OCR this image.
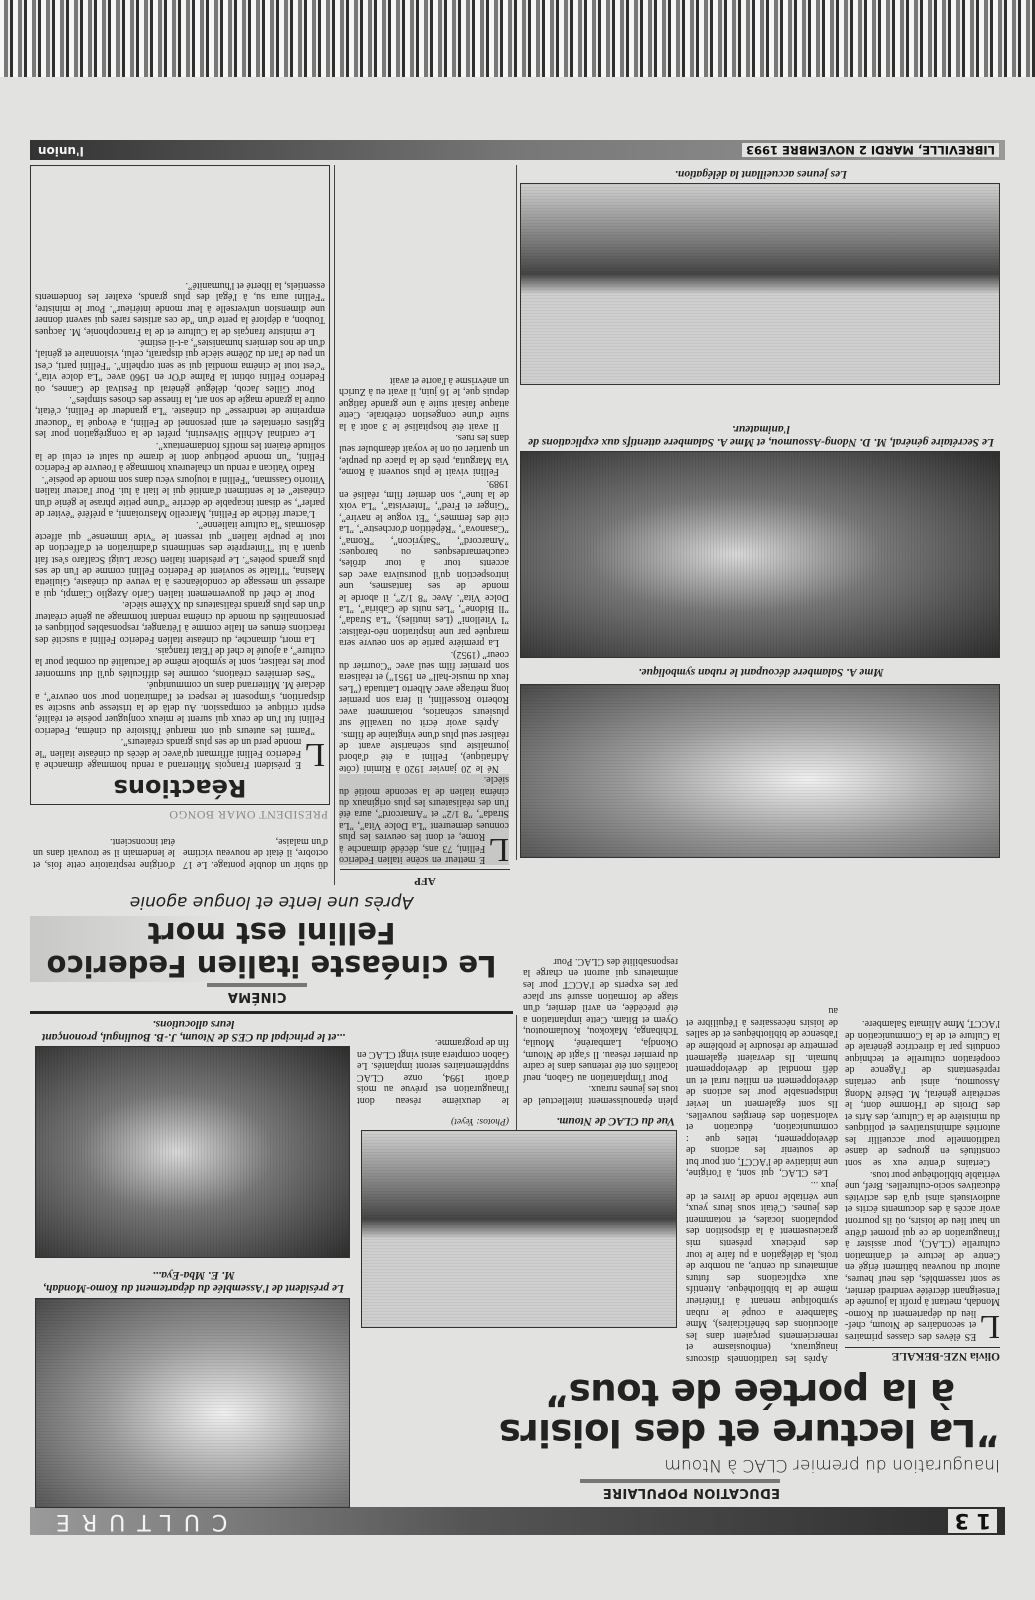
1 3
CULTURE
EDUCATION POPULAIRE
Inauguration du premier CLAC à Ntoum
”La lecture et des loisirs
à la portée de tous”
Olivia NZE-BEKALE

L
ES élèves des classes primaires et secondaires de Ntoum, chef-lieu du département du Komo-Mondah, mettant à profit la journée de l'enseignant décrétée vendredi dernier, se sont rassemblés, dès neuf heures, autour du nouveau bâtiment érigé en Centre de lecture et d'animation culturelle (CLAC), pour assister à l'inauguration de ce qui promet d'être un haut lieu de loisirs, où ils pourront avoir accès à des documents écrits et audiovisuels ainsi qu'à des activités éducatives socio-culturelles. Bref, une véritable bibliothèque pour tous.

Certains d'entre eux se sont constitués en groupes de danse traditionnelle pour accueillir les autorités administratives et politiques du ministère de la Culture, des Arts et des Droits de l'Homme dont, le secrétaire général, M. Désiré Ndong Assoumou, ainsi que certains représentants de l'Agence de coopération culturelle et technique conduits par la directrice générale de la Culture et de la Communication de l'ACCT, Mme Alimata Salambere.

Après les traditionnels discours inauguraux, (enthousiasme et remerciements perçaient dans les allocutions des bénéficiaires), Mme Salambere a coupé le ruban symbolique menant à l'intérieur même de la bibliothèque. Attentifs aux explications des futurs animateurs du centre, au nombre de trois, la délégation a pu faire le tour des précieux présents mis gracieusement à la disposition des populations locales, et notamment des jeunes. C'était sous leurs yeux, une véritable ronde de livres et de jeux ...

Les CLAC, qui sont, à l'origine, une initiative de l'ACCT, ont pour but de soutenir les actions de développement, telles que : communication, éducation et valorisation des énergies nouvelles. Ils sont également un levier indispensable pour les actions de développement en milieu rural et un défi mondial de développement humain. Ils devraient également permettre de résoudre le problème de l'absence de bibliothèques et de salles de loisirs nécessaires à l'équilibre et au

Vue du CLAC de Ntoum.
(Photos: Yeyet)

plein épanouissement intellectuel de tous les jeunes ruraux.

Pour l'implantation au Gabon, neuf localités ont été retenues dans le cadre du premier réseau. Il s'agit de Ntoum, Okondja, Lambaréné, Mouila, Tchibanga, Makokou, Koulamoutou, Oyem et Bitam. Cette implantation a été précédée, en avril dernier, d'un stage de formation assuré sur place par les experts de l'ACCT pour les animateurs qui auront en charge la responsabilité des CLAC. Pour

le deuxième réseau dont l'inauguration est prévue au mois d'août 1994, onze CLAC supplémentaires seront implantés. Le Gabon comptera ainsi vingt CLAC en fin de programme.

Le président de l'Assemblée du département du Komo-Mondah, M. E. Mba-Eya...
...et le principal du CES de Ntoum, J.-B. Boulingui, prononçant leurs allocutions.
CINÉMA
Le cinéaste italien Federico
Fellini est mort
Après une lente et longue agonie
AFP

L
E metteur en scène italien Federico Fellini, 73 ans, décédé dimanche à Rome, et dont les oeuvres les plus connues demeurent ”La Dolce Vita”, ”La Strada”, ”8 1/2” et ”Amarcord”, aura été l'un des réalisateurs les plus originaux du cinéma italien de la seconde moitié du siècle.

Né le 20 janvier 1920 à Rimini (côte Adriatique), Fellini a été d'abord journaliste puis scénariste avant de réaliser seul plus d'une vingtaine de films.

Après avoir écrit ou travaillé sur plusieurs scénarios, notamment avec Roberto Rossellini, il fera son premier long métrage avec Alberto Lattuada (”Les feux du music-hall” en 1951”) et réalisera son premier film seul avec ”Courrier du coeur” (1952).

La première partie de son oeuvre sera marquée par une inspiration néo-réaliste: ”I Vitelloni” (Les inutiles), ”La Strada”, ”Il Bidone”, ”Les nuits de Cabiria”, ”La Dolce Vita”. Avec ”8 1/2”, il aborde le monde de ses fantasmes, une introspection qu'il poursuivra avec des accents tour à tour drôles, cauchemardesques ou baroques: ”Amarcord”, ”Satyricon”, ”Roma”, ”Casanova”, ”Répétition d'orchestre”, ”La cité des femmes”, ”Et vogue le navire”, ”Ginger et Fred”, ”Intervista”, ”La voix de la lune”, son dernier film, réalisé en 1989.

Fellini vivait le plus souvent à Rome, Via Margutta, près de la place du peuple, un quartier où on le voyait déambuler seul dans les rues.

Il avait été hospitalisé le 3 août à la suite d'une congestion cérébrale. Cette attaque faisait suite à une grande fatigue depuis que, le 16 juin, il avait eu à Zurich un anévrisme à l'aorte et avait

dû subir un double pontage. Le 17 octobre, il était de nouveau victime d'un malaise,
d'origine respiratoire cette fois, et le lendemain il se trouvait dans un état inconscient.
PRESIDENT OMAR BONGO
Réactions

L
E président François Mitterrand a rendu hommage dimanche à Federico Fellini affirmant qu'avec le décès du cinéaste italien ”le monde perd un de ses plus grands créateurs”.

”Parmi les auteurs qui ont marqué l'histoire du cinéma, Federico Fellini fut l'un de ceux qui surent le mieux conjuguer poésie et réalité, esprit critique et compassion. Au delà de la tristesse que suscite sa disparition, s'imposent le respect et l'admiration pour son oeuvre”, a déclaré M. Mitterrand dans un communiqué.

”Ses dernières créations, comme les difficultés qu'il dut surmonter pour les réaliser, sont le symbole même de l'actualité du combat pour la culture”, a ajouté le chef de l'Etat français.

La mort, dimanche, du cinéaste italien Federico Fellini a suscité des réactions émues en Italie comme à l'étranger, responsables politiques et personnalités du monde du cinéma rendant hommage au génie créateur d'un des plus grands réalisateurs du XXème siècle.

Pour le chef du gouvernement italien Carlo Azeglio Ciampi, qui a adressé un message de condoléances à la veuve du cinéaste, Giulietta Masina, ”l'Italie se souvient de Federico Fellini comme de l'un de ses plus grands poètes”. Le président italien Oscar Luigi Scalfaro s'est fait quant à lui ”l'interprète des sentiments d'admiration et d'affection de tout le peuple italien” qui ressent le ”vide immense” qui affecte désormais ”la culture italienne”.

L'acteur fétiche de Fellini, Marcello Mastroianni, a préféré ”éviter de parler”, se disant incapable de décrire ”d'une petite phrase le génie d'un cinéaste” et le sentiment d'amitié qui le liait à lui. Pour l'acteur italien Vittorio Gassman, ”Fellini a toujours vécu dans son monde de poésie”.

Radio Vatican a rendu un chaleureux hommage à l'oeuvre de Federico Fellini, ”un monde poétique dont le drame du salut et celui de la solitude étaient les motifs fondamentaux”.

Le cardinal Achille Silvestrini, préfet de la congrégation pour les Eglises orientales et ami personnel de Fellini, a évoqué la ”douceur empreinte de tendresse” du cinéaste. ”La grandeur de Fellini, c'était, outre la grande magie de son art, la finesse des choses simples”.

Pour Gilles Jacob, délégué général du Festival de Cannes, où Federico Fellini obtint la Palme d'Or en 1960 avec ”La dolce vita”, ”c'est tout le cinéma mondial qui se sent orphelin”. ”Fellini parti, c'est un peu de l'art du 20ème siècle qui disparaît, celui, visionnaire et génial, d'un de nos derniers humanistes”, a-t-il estimé.

Le ministre français de la Culture et de la Francophonie, M. Jacques Toubon, a déploré la perte d'un ”de ces artistes rares qui savent donner une dimension universelle à leur monde intérieur”. Pour le ministre, ”Fellini aura su, à l'égal des plus grands, exalter les fondements essentiels, la liberté et l'humanité”.

Mme A. Salambere découpant le ruban symbolique.
Le Secrétaire général, M. D. Ndong-Assoumou, et Mme A. Salambere attentifs aux explications de l'animateur.
Les jeunes accueillant la délégation.
LIBREVILLE, MARDI 2 NOVEMBRE 1993
l'union
